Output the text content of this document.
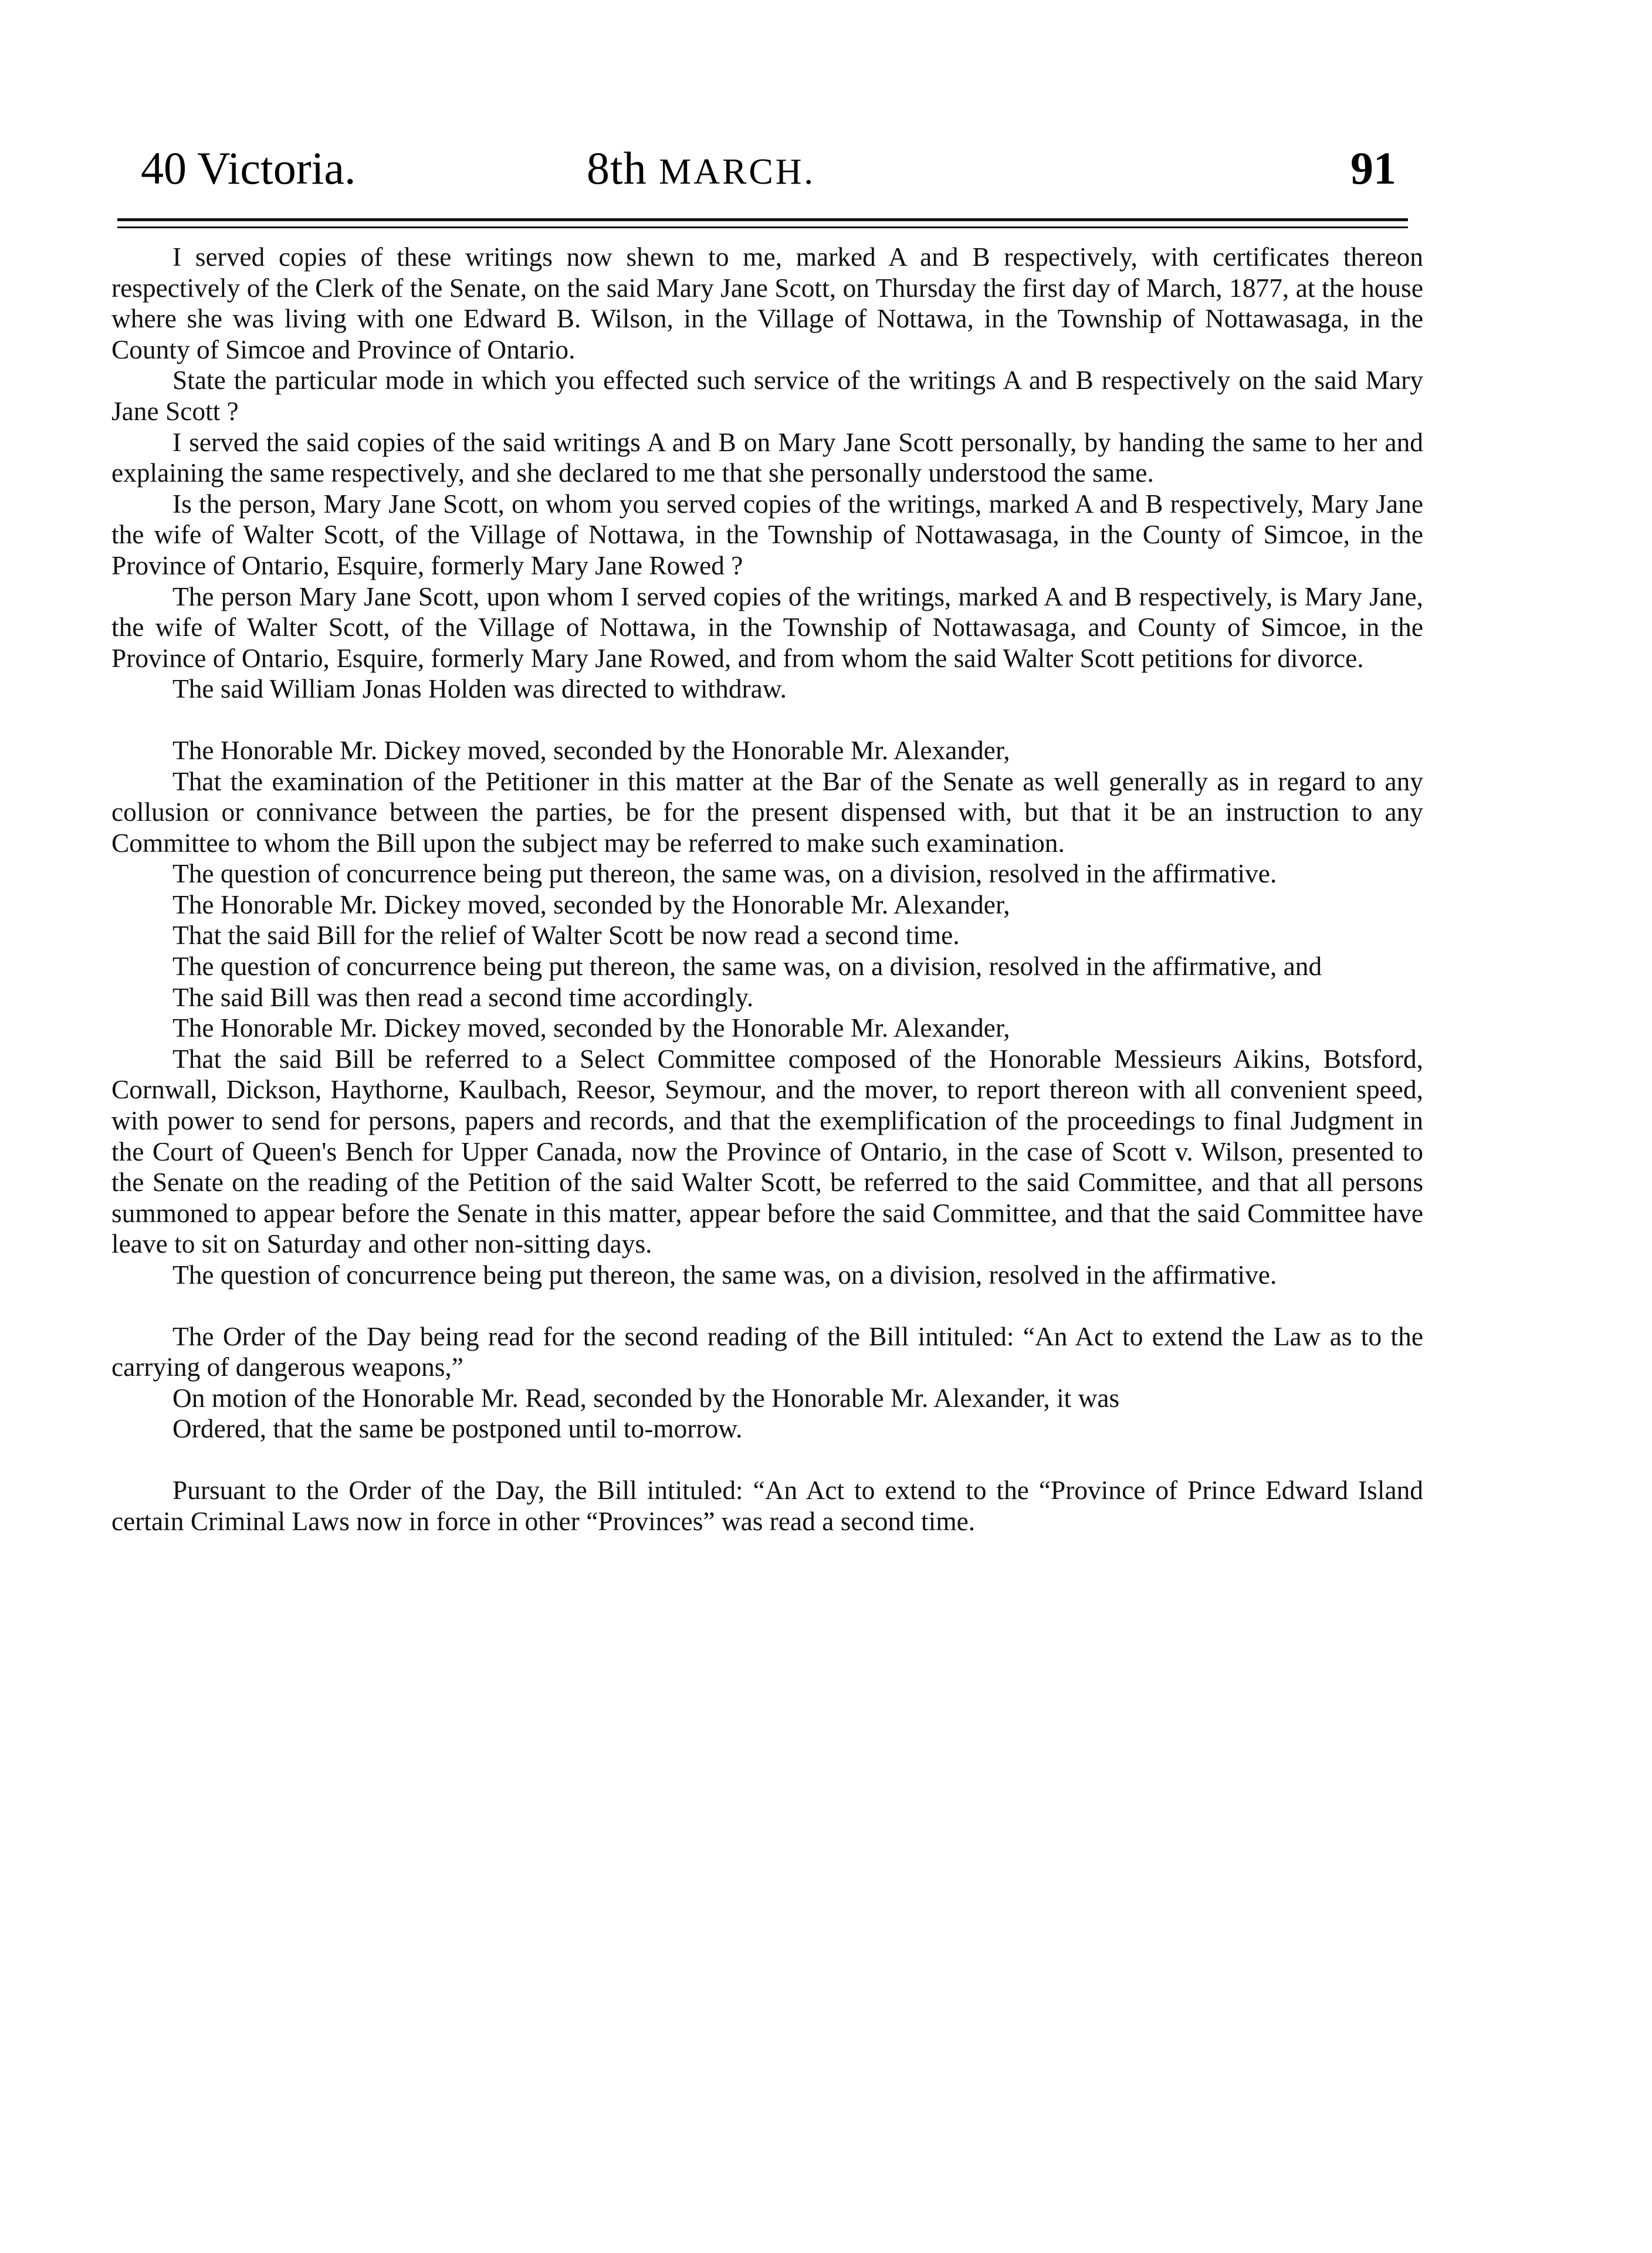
40 Victoria.	8th MARCH.	91

I served copies of these writings now shewn to me, marked A and B respectively, with certificates thereon respectively of the Clerk of the Senate, on the said Mary Jane Scott, on Thursday the first day of March, 1877, at the house where she was living with one Edward B. Wilson, in the Village of Nottawa, in the Township of Nottawasaga, in the County of Simcoe and Province of Ontario.

State the particular mode in which you effected such service of the writings A and B respectively on the said Mary Jane Scott ?

I served the said copies of the said writings A and B on Mary Jane Scott personally, by handing the same to her and explaining the same respectively, and she declared to me that she personally understood the same.

Is the person, Mary Jane Scott, on whom you served copies of the writings, marked A and B respectively, Mary Jane the wife of Walter Scott, of the Village of Nottawa, in the Township of Nottawasaga, in the County of Simcoe, in the Province of Ontario, Esquire, formerly Mary Jane Rowed ?

The person Mary Jane Scott, upon whom I served copies of the writings, marked A and B respectively, is Mary Jane, the wife of Walter Scott, of the Village of Nottawa, in the Township of Nottawasaga, and County of Simcoe, in the Province of Ontario, Esquire, formerly Mary Jane Rowed, and from whom the said Walter Scott petitions for divorce.

The said William Jonas Holden was directed to withdraw.

The Honorable Mr. Dickey moved, seconded by the Honorable Mr. Alexander,

That the examination of the Petitioner in this matter at the Bar of the Senate as well generally as in regard to any collusion or connivance between the parties, be for the present dispensed with, but that it be an instruction to any Committee to whom the Bill upon the subject may be referred to make such examination.

The question of concurrence being put thereon, the same was, on a division, resolved in the affirmative.

The Honorable Mr. Dickey moved, seconded by the Honorable Mr. Alexander,

That the said Bill for the relief of Walter Scott be now read a second time.

The question of concurrence being put thereon, the same was, on a division, resolved in the affirmative, and

The said Bill was then read a second time accordingly.

The Honorable Mr. Dickey moved, seconded by the Honorable Mr. Alexander,

That the said Bill be referred to a Select Committee composed of the Honorable Messieurs Aikins, Botsford, Cornwall, Dickson, Haythorne, Kaulbach, Reesor, Seymour, and the mover, to report thereon with all convenient speed, with power to send for persons, papers and records, and that the exemplification of the proceedings to final Judgment in the Court of Queen's Bench for Upper Canada, now the Province of Ontario, in the case of Scott v. Wilson, presented to the Senate on the reading of the Petition of the said Walter Scott, be referred to the said Committee, and that all persons summoned to appear before the Senate in this matter, appear before the said Committee, and that the said Committee have leave to sit on Saturday and other non-sitting days.

The question of concurrence being put thereon, the same was, on a division, resolved in the affirmative.

The Order of the Day being read for the second reading of the Bill intituled: “An Act to extend the Law as to the carrying of dangerous weapons,”

On motion of the Honorable Mr. Read, seconded by the Honorable Mr. Alexander, it was

Ordered, that the same be postponed until to-morrow.

Pursuant to the Order of the Day, the Bill intituled: “An Act to extend to the “Province of Prince Edward Island certain Criminal Laws now in force in other “Provinces” was read a second time.
